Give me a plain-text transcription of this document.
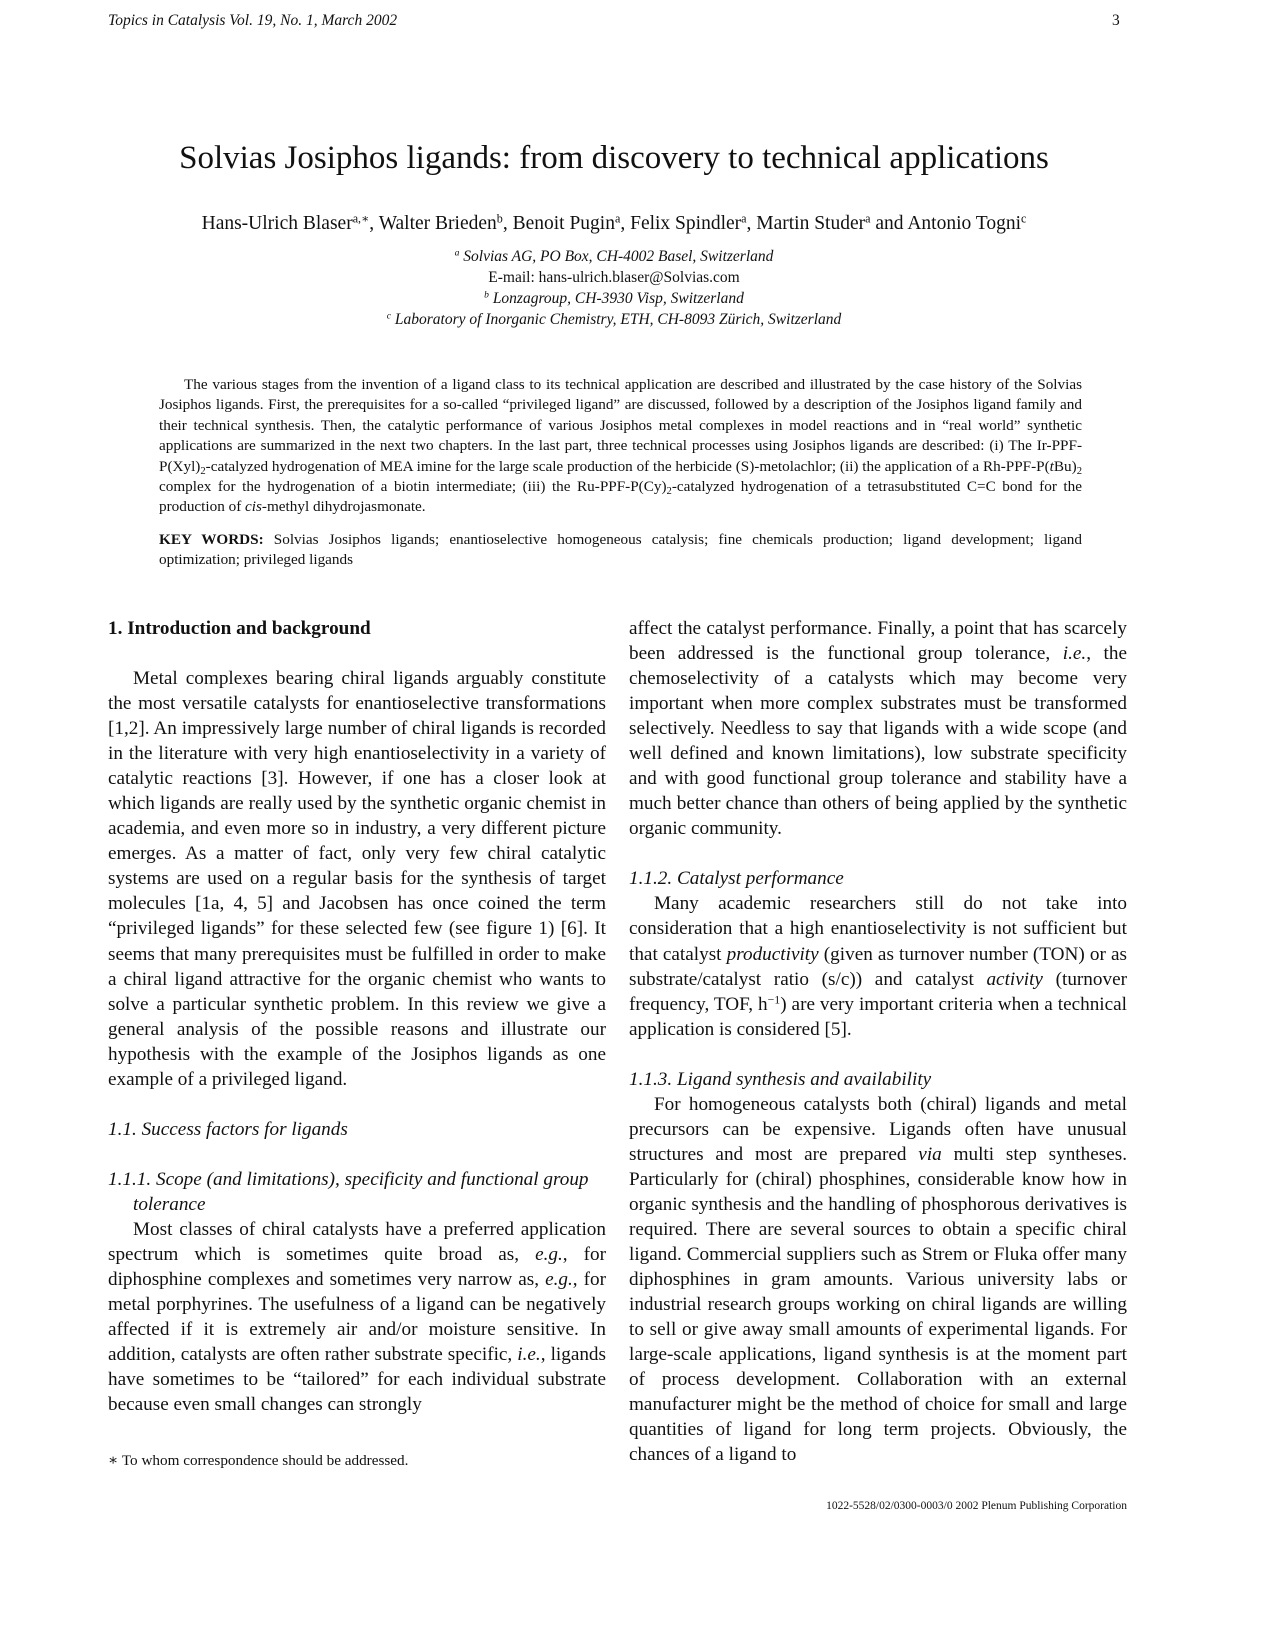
Topics in Catalysis Vol. 19, No. 1, March 2002	3
Solvias Josiphos ligands: from discovery to technical applications
Hans-Ulrich Blaser$^{a,∗}$, Walter Brieden$^b$, Benoit Pugin$^a$, Felix Spindler$^a$, Martin Studer$^a$ and Antonio Togni$^c$
$^a$ Solvias AG, PO Box, CH-4002 Basel, Switzerland
E-mail: hans-ulrich.blaser@Solvias.com
$^b$ Lonzagroup, CH-3930 Visp, Switzerland
$^c$ Laboratory of Inorganic Chemistry, ETH, CH-8093 Zürich, Switzerland
The various stages from the invention of a ligand class to its technical application are described and illustrated by the case history of the Solvias Josiphos ligands. First, the prerequisites for a so-called “privileged ligand” are discussed, followed by a description of the Josiphos ligand family and their technical synthesis. Then, the catalytic performance of various Josiphos metal complexes in model reactions and in “real world” synthetic applications are summarized in the next two chapters. In the last part, three technical processes using Josiphos ligands are described: (i) The $Ir-PPF-P(Xyl)_2$-catalyzed hydrogenation of MEA imine for the large scale production of the herbicide (S)-metolachlor; (ii) the application of a $Rh-PPF-P(tBu)_2$ complex for the hydrogenation of a biotin intermediate; (iii) the $Ru-PPF-P(Cy)_2$-catalyzed hydrogenation of a tetrasubstituted C=C bond for the production of cis-methyl dihydrojasmonate.
KEY WORDS: Solvias Josiphos ligands; enantioselective homogeneous catalysis; fine chemicals production; ligand development; ligand optimization; privileged ligands
1. Introduction and background

Metal complexes bearing chiral ligands arguably constitute the most versatile catalysts for enantioselective transformations [1,2]. An impressively large number of chiral ligands is recorded in the literature with very high enantioselectivity in a variety of catalytic reactions [3]. However, if one has a closer look at which ligands are really used by the synthetic organic chemist in academia, and even more so in industry, a very different picture emerges. As a matter of fact, only very few chiral catalytic systems are used on a regular basis for the synthesis of target molecules [1a, 4, 5] and Jacobsen has once coined the term “privileged ligands” for these selected few (see figure 1) [6]. It seems that many prerequisites must be fulfilled in order to make a chiral ligand attractive for the organic chemist who wants to solve a particular synthetic problem. In this review we give a general analysis of the possible reasons and illustrate our hypothesis with the example of the Josiphos ligands as one example of a privileged ligand.

1.1. Success factors for ligands
1.1.1. Scope (and limitations), specificity and functional group tolerance

Most classes of chiral catalysts have a preferred application spectrum which is sometimes quite broad as, e.g., for diphosphine complexes and sometimes very narrow as, e.g., for metal porphyrines. The usefulness of a ligand can be negatively affected if it is extremely air and/or moisture sensitive. In addition, catalysts are often rather substrate specific, i.e., ligands have sometimes to be “tailored” for each individual substrate because even small changes can strongly

affect the catalyst performance. Finally, a point that has scarcely been addressed is the functional group tolerance, i.e., the chemoselectivity of a catalysts which may become very important when more complex substrates must be transformed selectively. Needless to say that ligands with a wide scope (and well defined and known limitations), low substrate specificity and with good functional group tolerance and stability have a much better chance than others of being applied by the synthetic organic community.

1.1.2. Catalyst performance

Many academic researchers still do not take into consideration that a high enantioselectivity is not sufficient but that catalyst productivity (given as turnover number (TON) or as substrate/catalyst ratio (s/c)) and catalyst activity (turnover frequency, TOF, $h^{-1}$) are very important criteria when a technical application is considered [5].

1.1.3. Ligand synthesis and availability

For homogeneous catalysts both (chiral) ligands and metal precursors can be expensive. Ligands often have unusual structures and most are prepared via multi step syntheses. Particularly for (chiral) phosphines, considerable know how in organic synthesis and the handling of phosphorous derivatives is required. There are several sources to obtain a specific chiral ligand. Commercial suppliers such as Strem or Fluka offer many diphosphines in gram amounts. Various university labs or industrial research groups working on chiral ligands are willing to sell or give away small amounts of experimental ligands. For large-scale applications, ligand synthesis is at the moment part of process development. Collaboration with an external manufacturer might be the method of choice for small and large quantities of ligand for long term projects. Obviously, the chances of a ligand to

∗ To whom correspondence should be addressed.
1022-5528/02/0300-0003/0 2002 Plenum Publishing Corporation
